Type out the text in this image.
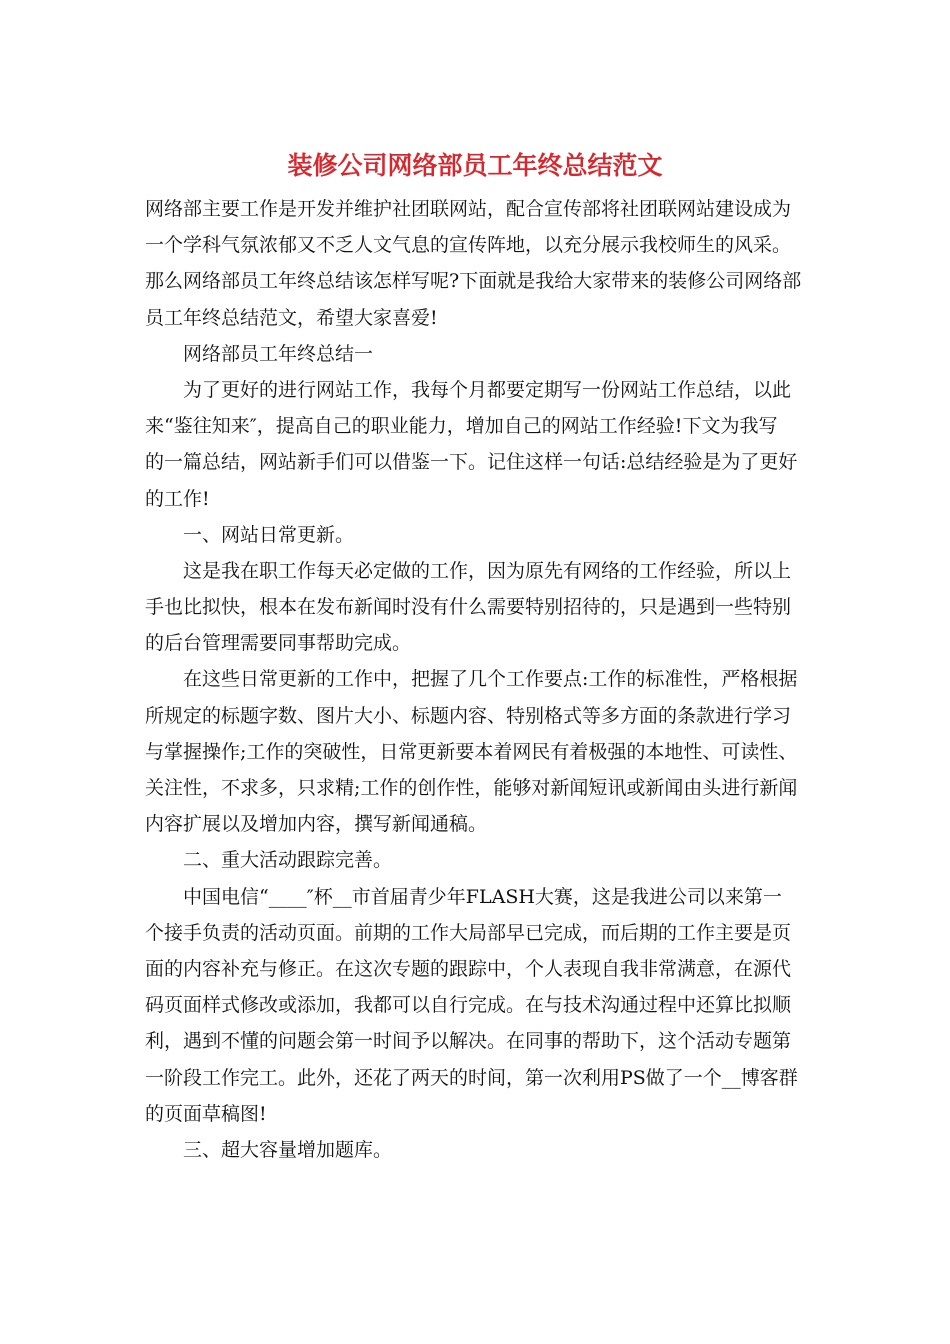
装修公司网络部员工年终总结范文
网络部主要工作是开发并维护社团联网站，配合宣传部将社团联网站建设成为
一个学科气氛浓郁又不乏人文气息的宣传阵地，以充分展示我校师生的风采。
那么网络部员工年终总结该怎样写呢?下面就是我给大家带来的装修公司网络部
员工年终总结范文，希望大家喜爱!
网络部员工年终总结一
为了更好的进行网站工作，我每个月都要定期写一份网站工作总结，以此
来“鉴往知来″，提高自己的职业能力，增加自己的网站工作经验!下文为我写
的一篇总结，网站新手们可以借鉴一下。记住这样一句话:总结经验是为了更好
的工作!
一、网站日常更新。
这是我在职工作每天必定做的工作，因为原先有网络的工作经验，所以上
手也比拟快，根本在发布新闻时没有什么需要特别招待的，只是遇到一些特别
的后台管理需要同事帮助完成。
在这些日常更新的工作中，把握了几个工作要点:工作的标准性，严格根据
所规定的标题字数、图片大小、标题内容、特别格式等多方面的条款进行学习
与掌握操作;工作的突破性，日常更新要本着网民有着极强的本地性、可读性、
关注性，不求多，只求精;工作的创作性，能够对新闻短讯或新闻由头进行新闻
内容扩展以及增加内容，撰写新闻通稿。
二、重大活动跟踪完善。
中国电信“____″杯__市首届青少年FLASH大赛，这是我进公司以来第一
个接手负责的活动页面。前期的工作大局部早已完成，而后期的工作主要是页
面的内容补充与修正。在这次专题的跟踪中，个人表现自我非常满意，在源代
码页面样式修改或添加，我都可以自行完成。在与技术沟通过程中还算比拟顺
利，遇到不懂的问题会第一时间予以解决。在同事的帮助下，这个活动专题第
一阶段工作完工。此外，还花了两天的时间，第一次利用PS做了一个__博客群
的页面草稿图!
三、超大容量增加题库。
